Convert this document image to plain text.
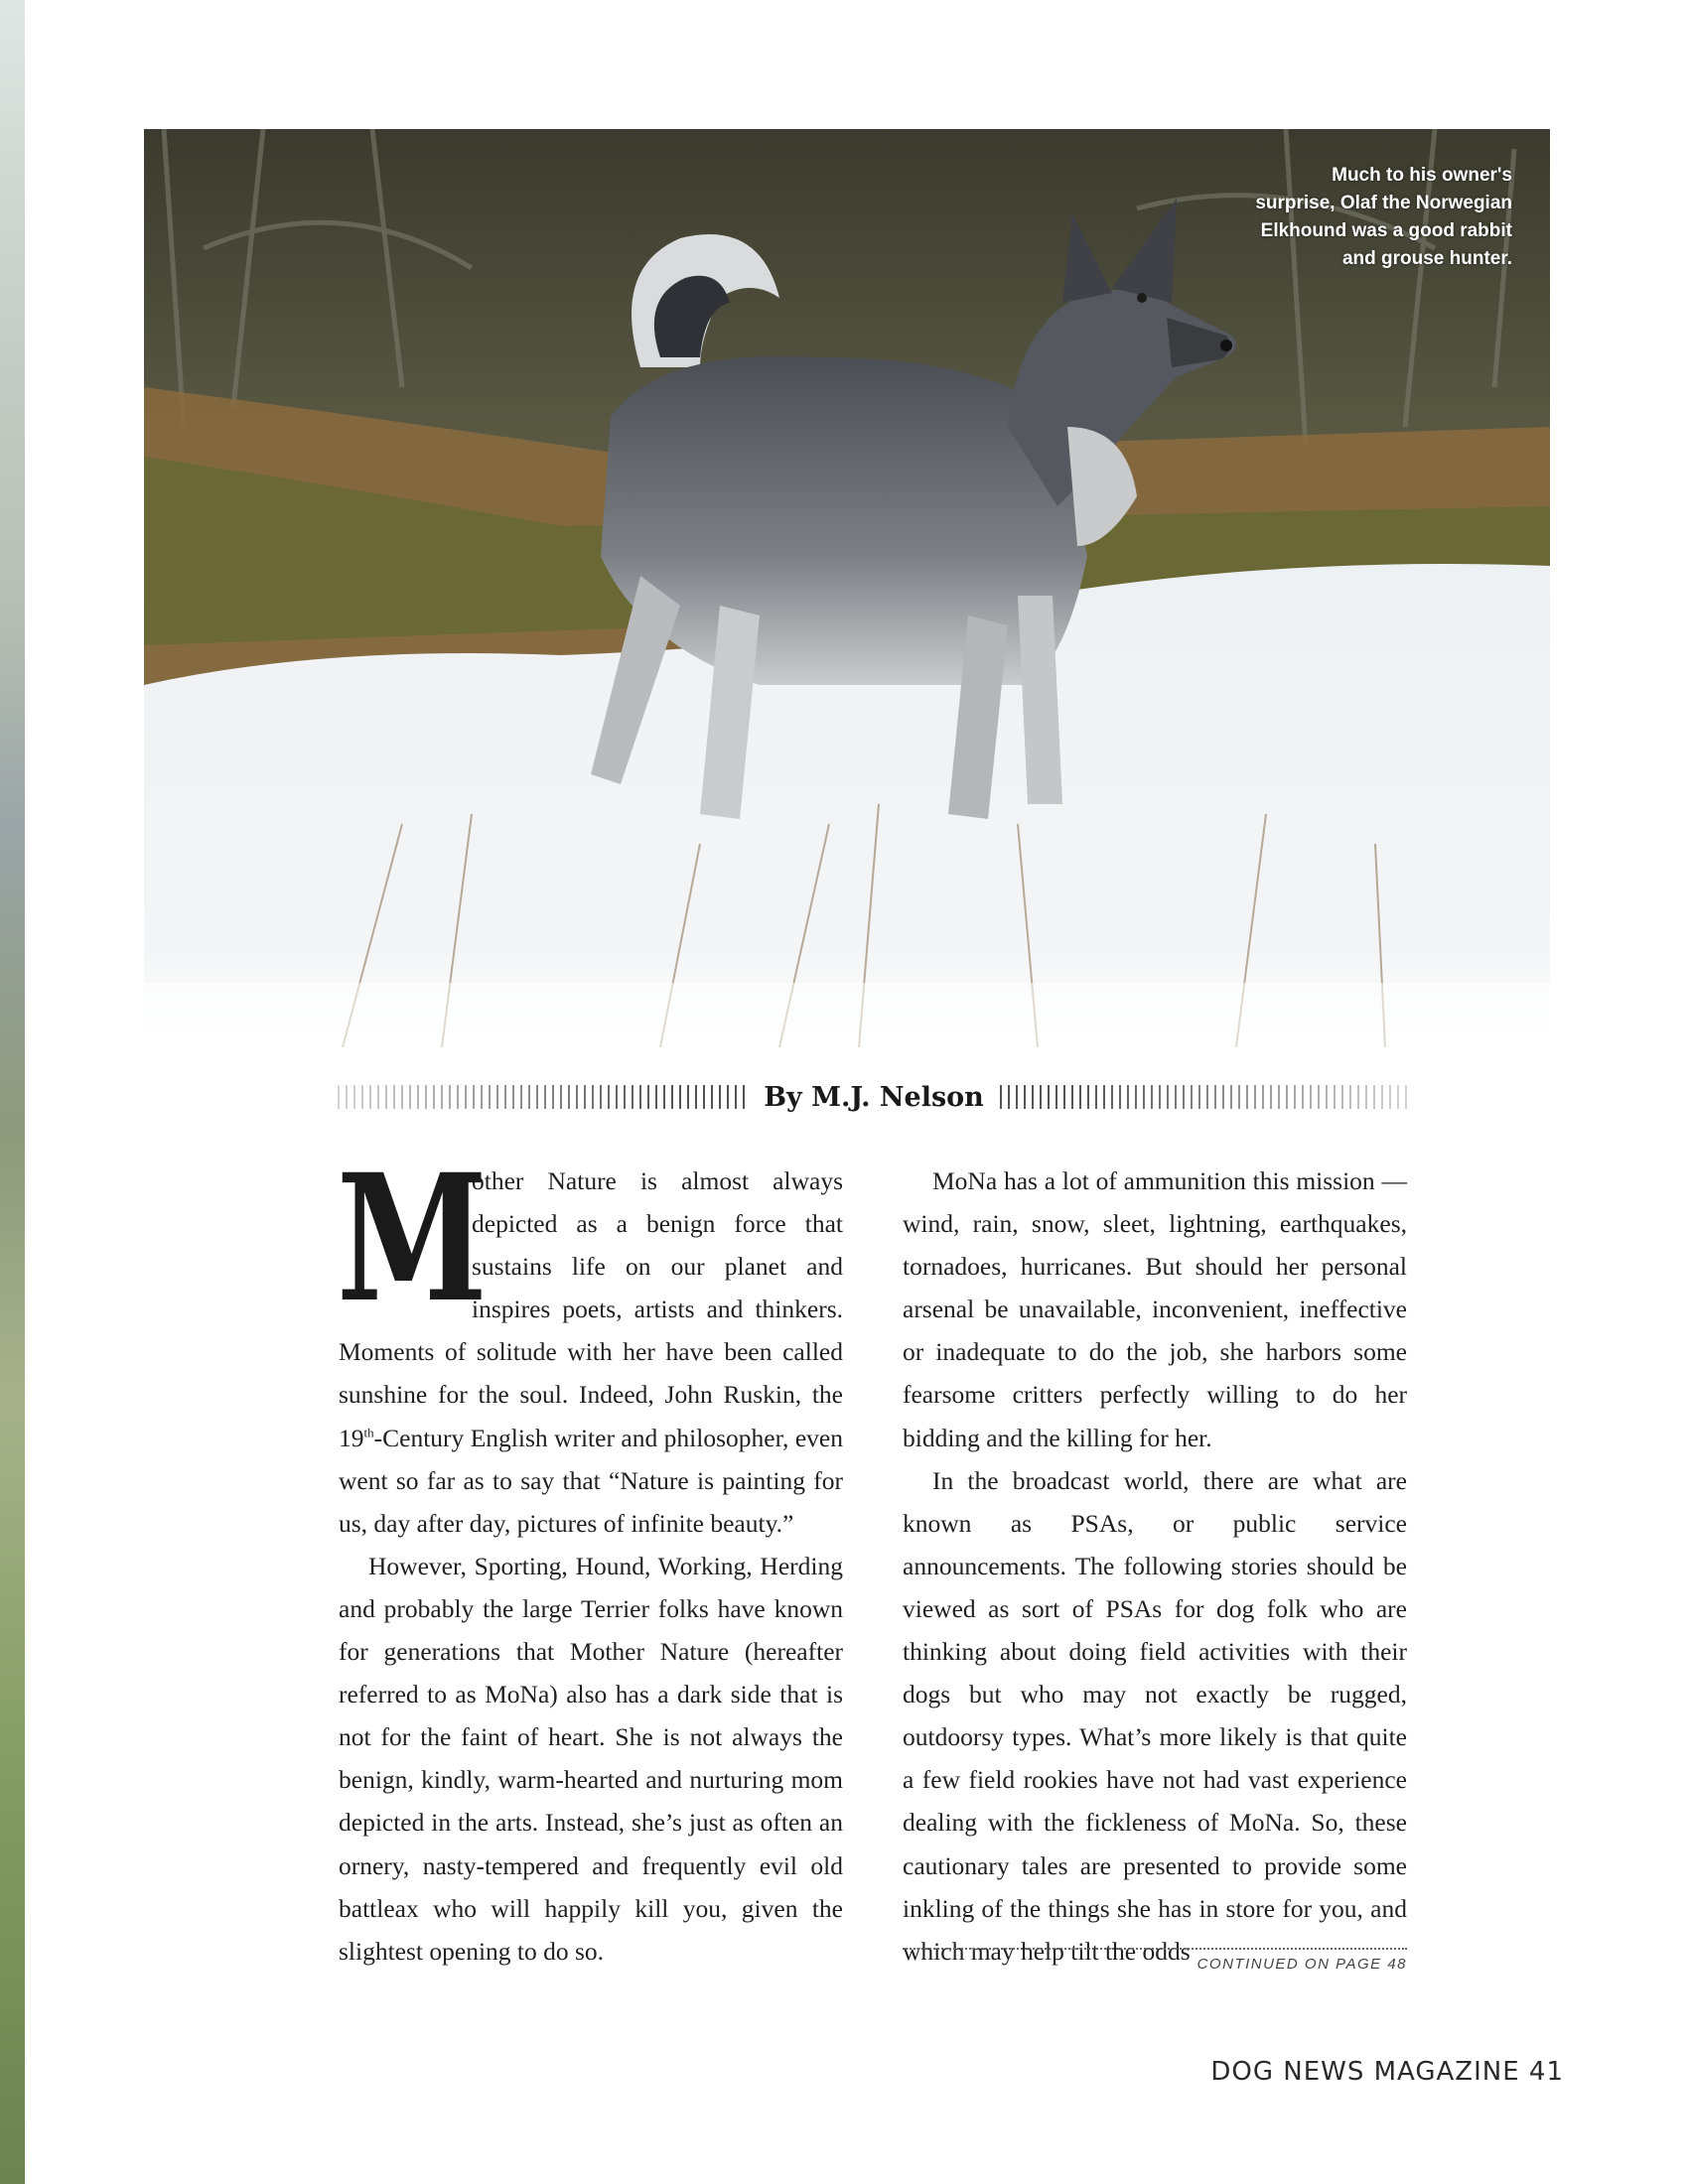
Much to his owner's surprise, Olaf the Norwegian Elkhound was a good rabbit and grouse hunter.
By M.J. Nelson

M
other Nature is almost always depicted as a benign force that sustains life on our planet and inspires poets, artists and thinkers. Moments of solitude with her have been called sunshine for the soul. Indeed, John Ruskin, the 19th-Century English writer and philosopher, even went so far as to say that “Nature is painting for us, day after day, pictures of infinite beauty.”

However, Sporting, Hound, Working, Herding and probably the large Terrier folks have known for generations that Mother Nature (hereafter referred to as MoNa) also has a dark side that is not for the faint of heart. She is not always the benign, kindly, warm-hearted and nurturing mom depicted in the arts. Instead, she’s just as often an ornery, nasty-tempered and frequently evil old battleax who will happily kill you, given the slightest opening to do so.

MoNa has a lot of ammunition this mission — wind, rain, snow, sleet, lightning, earthquakes, tornadoes, hurricanes. But should her personal arsenal be unavailable, inconvenient, ineffective or inadequate to do the job, she harbors some fearsome critters perfectly willing to do her bidding and the killing for her.

In the broadcast world, there are what are known as PSAs, or public service announcements. The following stories should be viewed as sort of PSAs for dog folk who are thinking about doing field activities with their dogs but who may not exactly be rugged, outdoorsy types. What’s more likely is that quite a few field rookies have not had vast experience dealing with the fickleness of MoNa. So, these cautionary tales are presented to provide some inkling of the things she has in store for you, and which may help tilt the odds CONTINUED ON PAGE 48
DOG NEWS MAGAZINE 41
